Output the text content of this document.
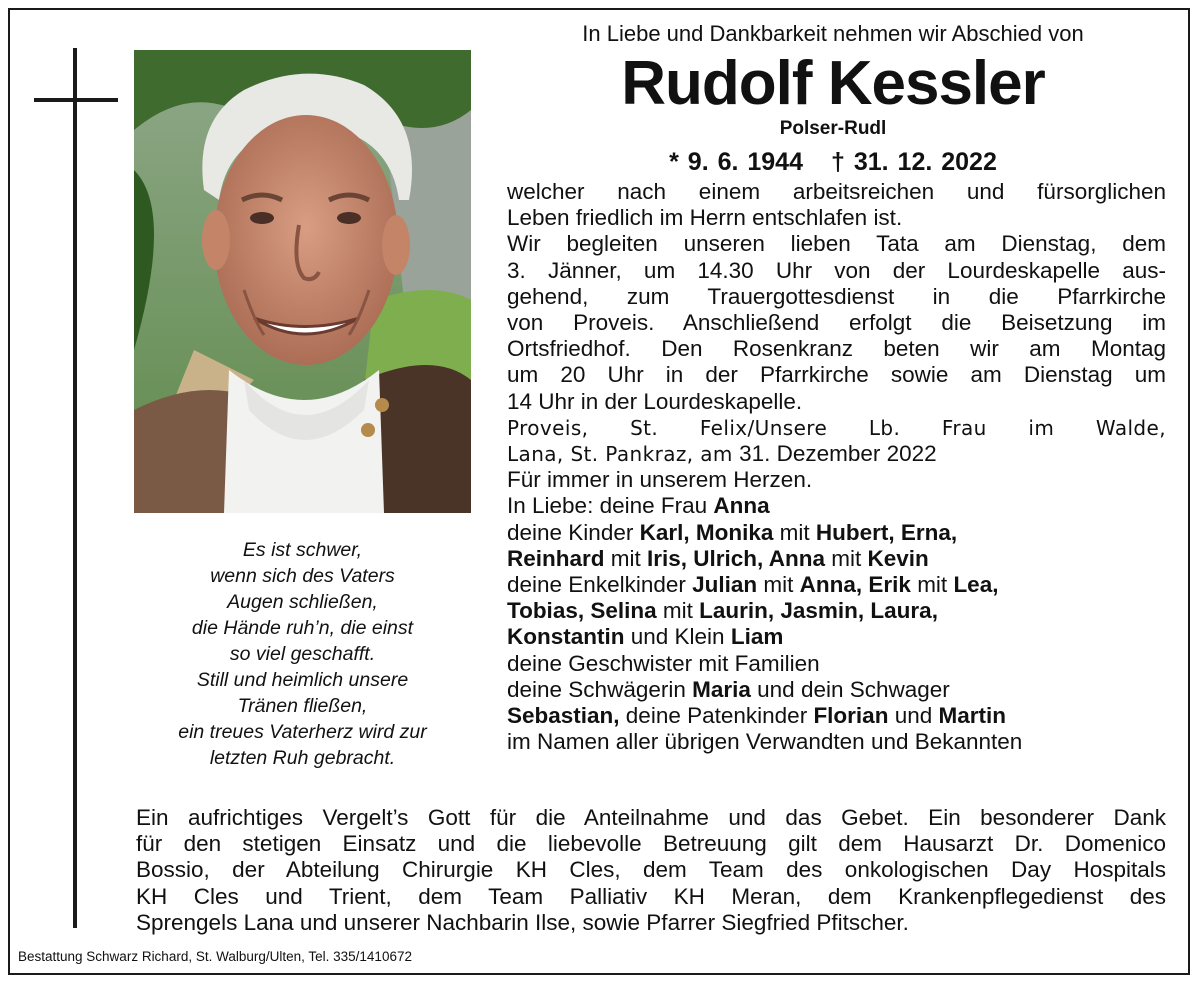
Es ist schwer,
wenn sich des Vaters
Augen schließen,
die Hände ruh’n, die einst
so viel geschafft.
Still und heimlich unsere
Tränen fließen,
ein treues Vaterherz wird zur
letzten Ruh gebracht.
In Liebe und Dankbarkeit nehmen wir Abschied von
Rudolf Kessler
Polser-Rudl
* 9. 6. 1944 † 31. 12. 2022
welcher nach einem arbeitsreichen und fürsorglichen
Leben friedlich im Herrn entschlafen ist.
Wir begleiten unseren lieben Tata am Dienstag, dem
3. Jänner, um 14.30 Uhr von der Lourdeskapelle aus-
gehend, zum Trauergottesdienst in die Pfarrkirche
von Proveis. Anschließend erfolgt die Beisetzung im
Ortsfriedhof. Den Rosenkranz beten wir am Montag
um 20 Uhr in der Pfarrkirche sowie am Dienstag um
14 Uhr in der Lourdeskapelle.
Proveis, St. Felix/Unsere Lb. Frau im Walde,
Lana, St. Pankraz, am 31. Dezember 2022
Für immer in unserem Herzen.
In Liebe: deine Frau Anna
deine Kinder Karl, Monika mit Hubert, Erna,
Reinhard mit Iris, Ulrich, Anna mit Kevin
deine Enkelkinder Julian mit Anna, Erik mit Lea,
Tobias, Selina mit Laurin, Jasmin, Laura,
Konstantin und Klein Liam
deine Geschwister mit Familien
deine Schwägerin Maria und dein Schwager
Sebastian, deine Patenkinder Florian und Martin
im Namen aller übrigen Verwandten und Bekannten
Ein aufrichtiges Vergelt’s Gott für die Anteilnahme und das Gebet. Ein besonderer Dank
für den stetigen Einsatz und die liebevolle Betreuung gilt dem Hausarzt Dr. Domenico
Bossio, der Abteilung Chirurgie KH Cles, dem Team des onkologischen Day Hospitals
KH Cles und Trient, dem Team Palliativ KH Meran, dem Krankenpflegedienst des
Sprengels Lana und unserer Nachbarin Ilse, sowie Pfarrer Siegfried Pfitscher.
Bestattung Schwarz Richard, St. Walburg/Ulten, Tel. 335/1410672
